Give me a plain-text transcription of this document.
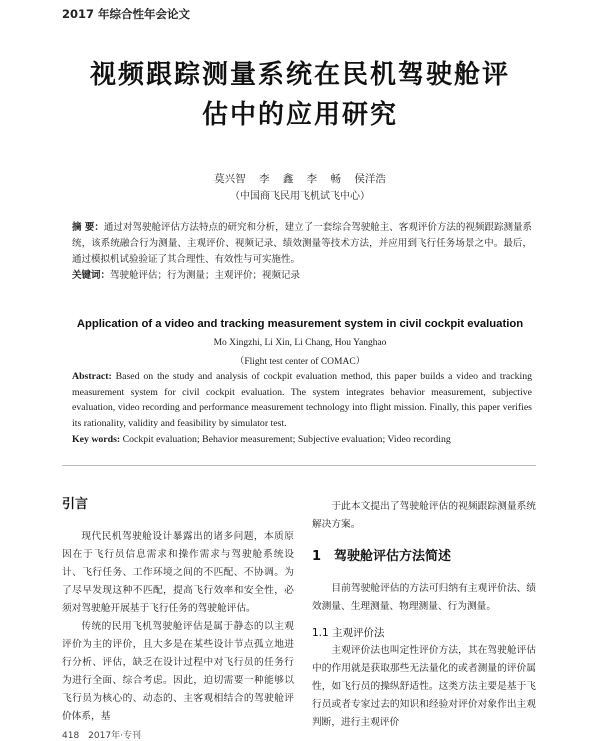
2017 年综合性年会论文
视频跟踪测量系统在民机驾驶舱评
估中的应用研究
莫兴智 李 鑫 李 畅 侯洋浩
（中国商飞民用飞机试飞中心）
摘 要：通过对驾驶舱评估方法特点的研究和分析，建立了一套综合驾驶舱主、客观评价方法的视频跟踪测量系统，该系统融合行为测量、主观评价、视频记录、绩效测量等技术方法，并应用到飞行任务场景之中。最后，通过模拟机试验验证了其合理性、有效性与可实施性。
关键词：驾驶舱评估；行为测量；主观评价；视频记录
Application of a video and tracking measurement system in civil cockpit evaluation
Mo Xingzhi, Li Xin, Li Chang, Hou Yanghao
（Flight test center of COMAC）
Abstract: Based on the study and analysis of cockpit evaluation method, this paper builds a video and tracking measurement system for civil cockpit evaluation. The system integrates behavior measurement, subjective evaluation, video recording and performance measurement technology into flight mission. Finally, this paper verifies its rationality, validity and feasibility by simulator test.
Key words: Cockpit evaluation; Behavior measurement; Subjective evaluation; Video recording
引言
现代民机驾驶舱设计暴露出的诸多问题，本质原因在于飞行员信息需求和操作需求与驾驶舱系统设计、飞行任务、工作环境之间的不匹配、不协调。为了尽早发现这种不匹配，提高飞行效率和安全性，必须对驾驶舱开展基于飞行任务的驾驶舱评估。
传统的民用飞机驾驶舱评估是属于静态的以主观评价为主的评价，且大多是在某些设计节点孤立地进行分析、评估，缺乏在设计过程中对飞行员的任务行为进行全面、综合考虑。因此，迫切需要一种能够以飞行员为核心的、动态的、主客观相结合的驾驶舱评价体系，基
于此本文提出了驾驶舱评估的视频跟踪测量系统解决方案。
1　驾驶舱评估方法简述
目前驾驶舱评估的方法可归纳有主观评价法、绩效测量、生理测量、物理测量、行为测量。
1.1 主观评价法
主观评价法也叫定性评价方法，其在驾驶舱评估中的作用就是获取那些无法量化的或者测量的评价属性，如飞行员的操纵舒适性。这类方法主要是基于飞行员或者专家过去的知识和经验对评价对象作出主观判断，进行主观评价
418　2017年·专刊
